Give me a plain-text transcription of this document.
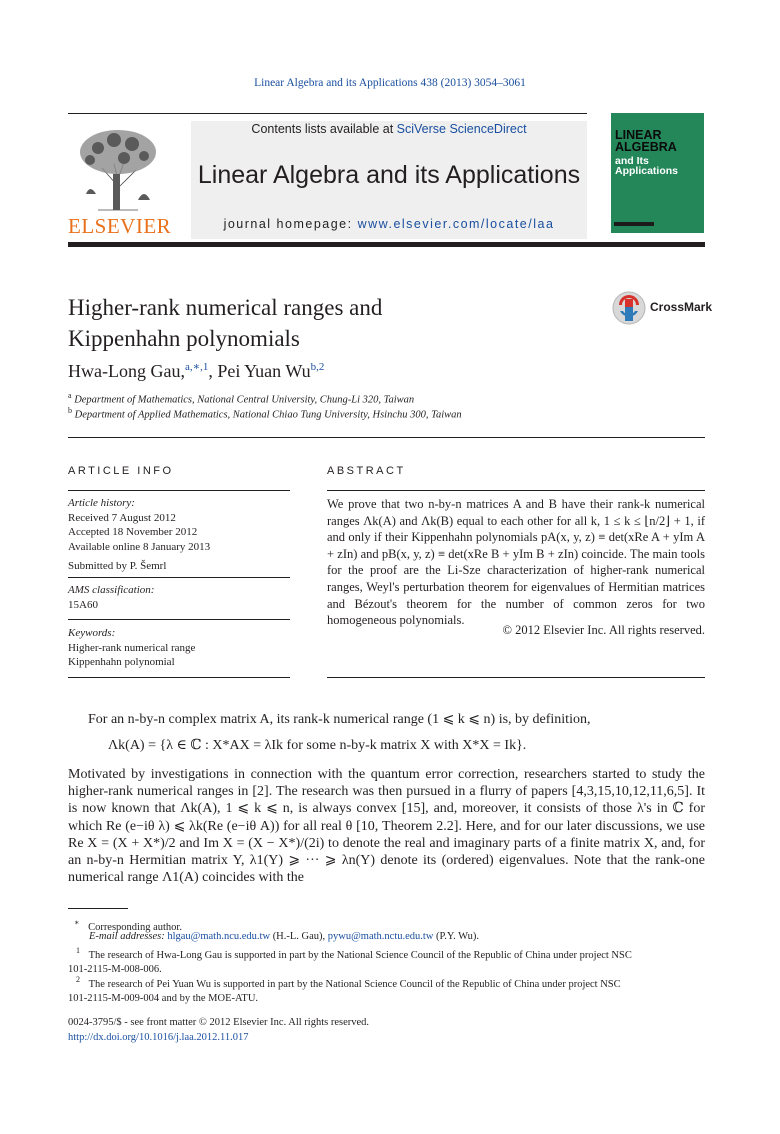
Linear Algebra and its Applications 438 (2013) 3054–3061
ELSEVIER
Contents lists available at SciVerse ScienceDirect
Linear Algebra and its Applications
journal homepage: www.elsevier.com/locate/laa
LINEAR
ALGEBRA
and Its
Applications
Higher-rank numerical ranges and
Kippenhahn polynomials
CrossMark
Hwa-Long Gau,$^{a,∗,1}$, Pei Yuan Wu$^{b,2}$
$^a$ Department of Mathematics, National Central University, Chung-Li 320, Taiwan
$^b$ Department of Applied Mathematics, National Chiao Tung University, Hsinchu 300, Taiwan
ARTICLE INFO
Article history:
Received 7 August 2012
Accepted 18 November 2012
Available online 8 January 2013
Submitted by P. Šemrl
AMS classification:
15A60
Keywords:
Higher-rank numerical range
Kippenhahn polynomial
ABSTRACT
We prove that two n-by-n matrices A and B have their rank-k numerical ranges Λk(A) and Λk(B) equal to each other for all k, 1 ≤ k ≤ ⌊n/2⌋ + 1, if and only if their Kippenhahn polynomials pA(x, y, z) ≡ det(xRe A + yIm A + zIn) and pB(x, y, z) ≡ det(xRe B + yIm B + zIn) coincide. The main tools for the proof are the Li-Sze characterization of higher-rank numerical ranges, Weyl's perturbation theorem for eigenvalues of Hermitian matrices and Bézout's theorem for the number of common zeros for two homogeneous polynomials.
© 2012 Elsevier Inc. All rights reserved.
For an n-by-n complex matrix A, its rank-k numerical range (1 ⩽ k ⩽ n) is, by definition,
Λk(A) = {λ ∈ ℂ : X*AX = λIk for some n-by-k matrix X with X*X = Ik}.
Motivated by investigations in connection with the quantum error correction, researchers started to study the higher-rank numerical ranges in [2]. The research was then pursued in a flurry of papers [4,3,15,10,12,11,6,5]. It is now known that Λk(A), 1 ⩽ k ⩽ n, is always convex [15], and, moreover, it consists of those λ's in ℂ for which Re (e−iθ λ) ⩽ λk(Re (e−iθ A)) for all real θ [10, Theorem 2.2]. Here, and for our later discussions, we use Re X = (X + X*)/2 and Im X = (X − X*)/(2i) to denote the real and imaginary parts of a finite matrix X, and, for an n-by-n Hermitian matrix Y, λ1(Y) ⩾ ··· ⩾ λn(Y) denote its (ordered) eigenvalues. Note that the rank-one numerical range Λ1(A) coincides with the
∗ Corresponding author.
E-mail addresses: hlgau@math.ncu.edu.tw (H.-L. Gau), pywu@math.nctu.edu.tw (P.Y. Wu).
$^1$ The research of Hwa-Long Gau is supported in part by the National Science Council of the Republic of China under project NSC
101-2115-M-008-006.
$^2$ The research of Pei Yuan Wu is supported in part by the National Science Council of the Republic of China under project NSC
101-2115-M-009-004 and by the MOE-ATU.
0024-3795/$ - see front matter © 2012 Elsevier Inc. All rights reserved.
http://dx.doi.org/10.1016/j.laa.2012.11.017
